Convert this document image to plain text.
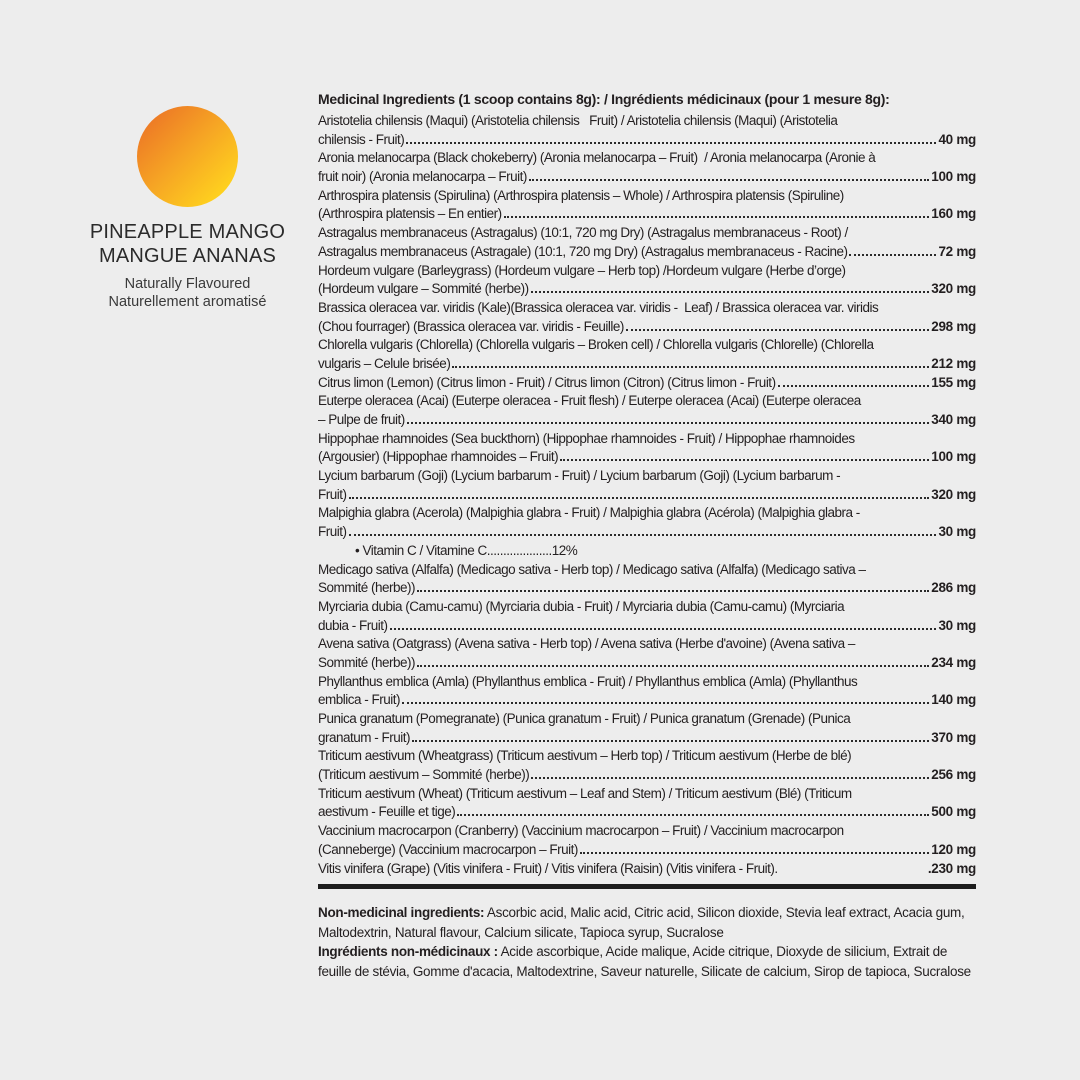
PINEAPPLE MANGO
MANGUE ANANAS
Naturally Flavoured
Naturellement aromatisé
Medicinal Ingredients (1 scoop contains 8g): / Ingrédients médicinaux (pour 1 mesure 8g):
Aristotelia chilensis (Maqui) (Aristotelia chilensis   Fruit) / Aristotelia chilensis (Maqui) (Aristotelia
chilensis - Fruit)	40 mg
Aronia melanocarpa (Black chokeberry) (Aronia melanocarpa – Fruit)  / Aronia melanocarpa (Aronie à
fruit noir) (Aronia melanocarpa – Fruit)	100 mg
Arthrospira platensis (Spirulina) (Arthrospira platensis – Whole) / Arthrospira platensis (Spiruline)
(Arthrospira platensis – En entier)	160 mg
Astragalus membranaceus (Astragalus) (10:1, 720 mg Dry) (Astragalus membranaceus - Root) /
Astragalus membranaceus (Astragale) (10:1, 720 mg Dry) (Astragalus membranaceus - Racine)	72 mg
Hordeum vulgare (Barleygrass) (Hordeum vulgare – Herb top) /Hordeum vulgare (Herbe d’orge)
(Hordeum vulgare – Sommité (herbe))	320 mg
Brassica oleracea var. viridis (Kale)(Brassica oleracea var. viridis -  Leaf) / Brassica oleracea var. viridis
(Chou fourrager) (Brassica oleracea var. viridis - Feuille)	298 mg
Chlorella vulgaris (Chlorella) (Chlorella vulgaris – Broken cell) / Chlorella vulgaris (Chlorelle) (Chlorella
vulgaris – Celule brisée)	212 mg
Citrus limon (Lemon) (Citrus limon - Fruit) / Citrus limon (Citron) (Citrus limon - Fruit)	155 mg
Euterpe oleracea (Acai) (Euterpe oleracea - Fruit flesh) / Euterpe oleracea (Acai) (Euterpe oleracea
– Pulpe de fruit)	340 mg
Hippophae rhamnoides (Sea buckthorn) (Hippophae rhamnoides - Fruit) / Hippophae rhamnoides
(Argousier) (Hippophae rhamnoides – Fruit)	100 mg
Lycium barbarum (Goji) (Lycium barbarum - Fruit) / Lycium barbarum (Goji) (Lycium barbarum -
Fruit)	320 mg
Malpighia glabra (Acerola) (Malpighia glabra - Fruit) / Malpighia glabra (Acérola) (Malpighia glabra -
Fruit)	30 mg
• Vitamin C / Vitamine C....................12%
Medicago sativa (Alfalfa) (Medicago sativa - Herb top) / Medicago sativa (Alfalfa) (Medicago sativa –
Sommité (herbe))	286 mg
Myrciaria dubia (Camu-camu) (Myrciaria dubia - Fruit) / Myrciaria dubia (Camu-camu) (Myrciaria
dubia - Fruit)	30 mg
Avena sativa (Oatgrass) (Avena sativa - Herb top) / Avena sativa (Herbe d'avoine) (Avena sativa –
Sommité (herbe))	234 mg
Phyllanthus emblica (Amla) (Phyllanthus emblica - Fruit) / Phyllanthus emblica (Amla) (Phyllanthus
emblica - Fruit)	140 mg
Punica granatum (Pomegranate) (Punica granatum - Fruit) / Punica granatum (Grenade) (Punica
granatum - Fruit)	370 mg
Triticum aestivum (Wheatgrass) (Triticum aestivum – Herb top) / Triticum aestivum (Herbe de blé)
(Triticum aestivum – Sommité (herbe))	256 mg
Triticum aestivum (Wheat) (Triticum aestivum – Leaf and Stem) / Triticum aestivum (Blé) (Triticum
aestivum - Feuille et tige)	500 mg
Vaccinium macrocarpon (Cranberry) (Vaccinium macrocarpon – Fruit) / Vaccinium macrocarpon
(Canneberge) (Vaccinium macrocarpon – Fruit)	120 mg
Vitis vinifera (Grape) (Vitis vinifera - Fruit) / Vitis vinifera (Raisin) (Vitis vinifera - Fruit).	.230 mg
Non-medicinal ingredients: Ascorbic acid, Malic acid, Citric acid, Silicon dioxide, Stevia leaf extract, Acacia gum, Maltodextrin, Natural flavour, Calcium silicate, Tapioca syrup, Sucralose
Ingrédients non-médicinaux : Acide ascorbique, Acide malique, Acide citrique, Dioxyde de silicium, Extrait de feuille de stévia, Gomme d'acacia, Maltodextrine, Saveur naturelle, Silicate de calcium, Sirop de tapioca, Sucralose
